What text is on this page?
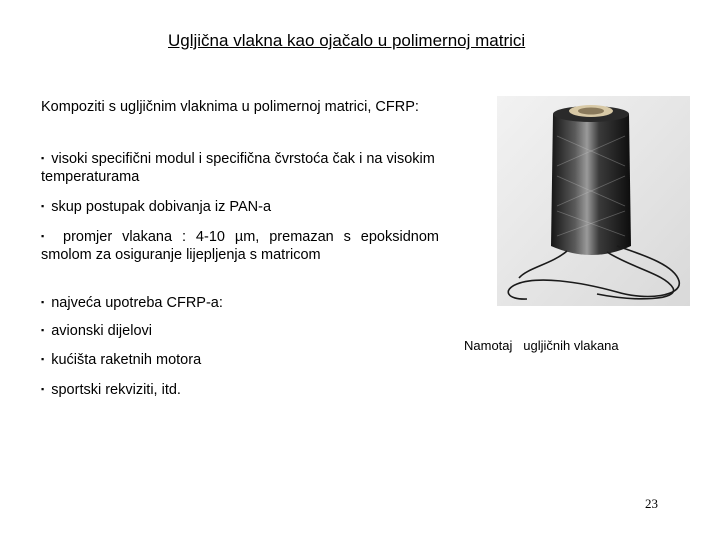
Ugljična vlakna kao ojačalo u polimernoj matrici
Kompoziti s ugljičnim vlaknima u polimernoj matrici, CFRP:
▪ visoki specifični modul i specifična čvrstoća čak i na visokim temperaturama
▪ skup postupak dobivanja iz PAN-a
▪ promjer vlakana : 4-10 µm, premazan s epoksidnom smolom za osiguranje lijepljenja s matricom
▪ najveća upotreba CFRP-a:
▪ avionski dijelovi
▪ kućišta raketnih motora
▪ sportski rekviziti, itd.
Namotaj   ugljičnih vlakana
23
